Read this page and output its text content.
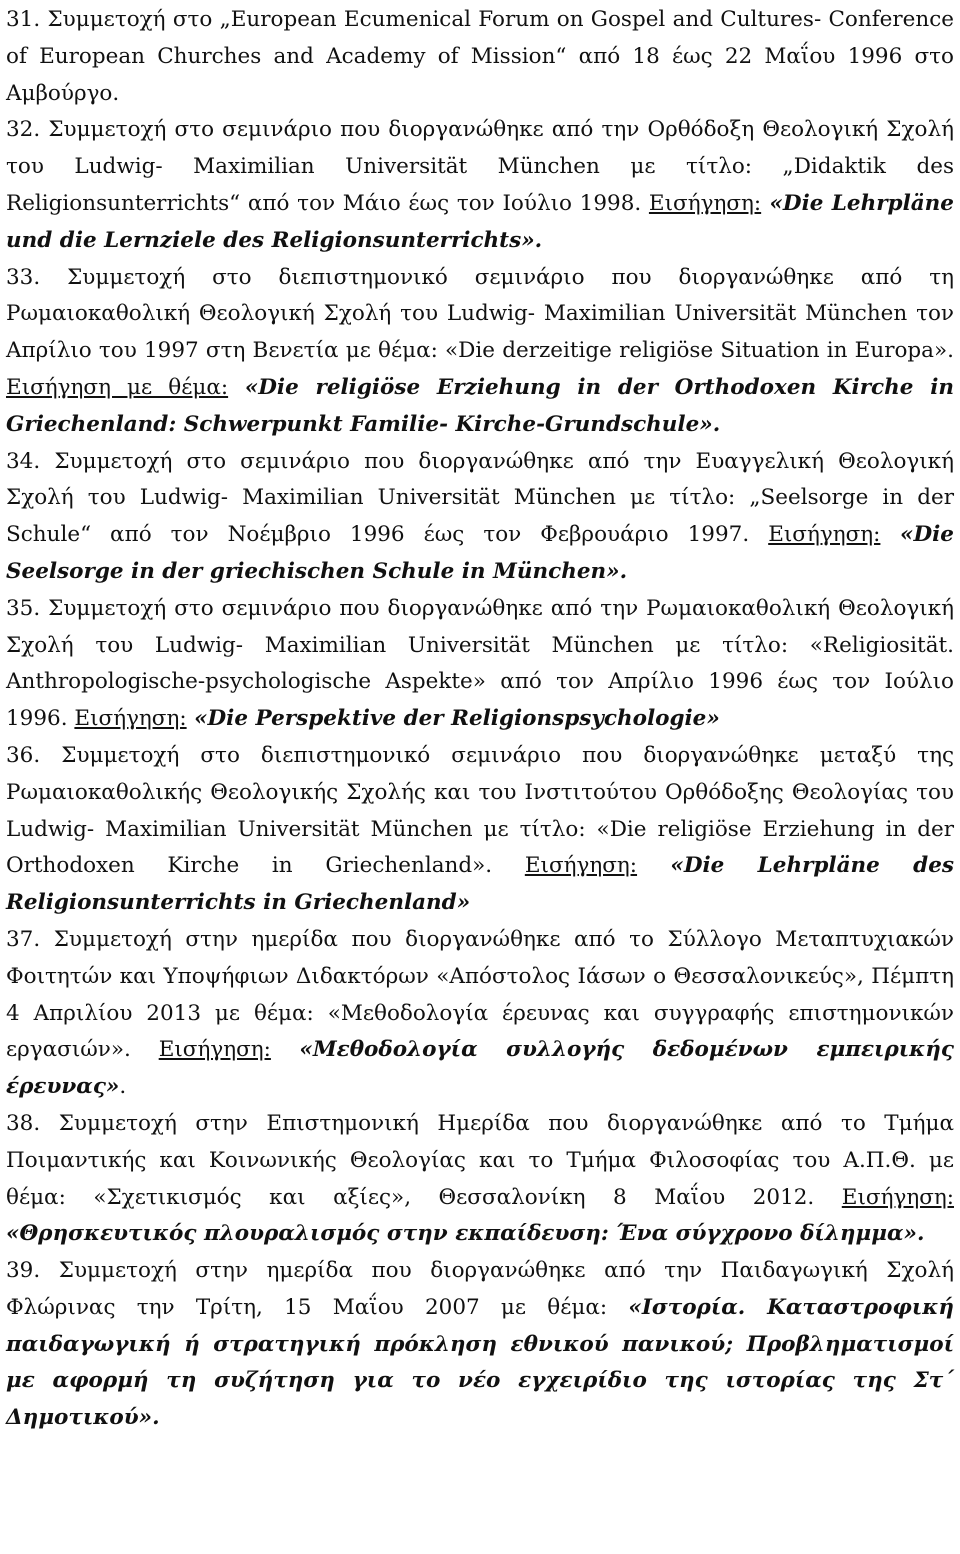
31. Συμμετοχή στο „European Ecumenical Forum on Gospel and Cultures- Conference of European Churches and Academy of Mission“ από 18 έως 22 Μαΐου 1996 στο Αμβούργο.

32. Συμμετοχή στο σεμινάριο που διοργανώθηκε από την Ορθόδοξη Θεολογική Σχολή του Ludwig- Maximilian Universität München με τίτλο: „Didaktik des Religionsunterrichts“ από τον Μάιο έως τον Ιούλιο 1998. Εισήγηση: «Die Lehrpläne und die Lernziele des Religionsunterrichts».

33. Συμμετοχή στο διεπιστημονικό σεμινάριο που διοργανώθηκε από τη Ρωμαιοκαθολική Θεολογική Σχολή του Ludwig- Maximilian Universität München τον Απρίλιο του 1997 στη Βενετία με θέμα: «Die derzeitige religiöse Situation in Europa». Εισήγηση με θέμα: «Die religiöse Erziehung in der Orthodoxen Kirche in Griechenland: Schwerpunkt Familie- Kirche-Grundschule».

34. Συμμετοχή στο σεμινάριο που διοργανώθηκε από την Ευαγγελική Θεολογική Σχολή του Ludwig- Maximilian Universität München με τίτλο: „Seelsorge in der Schule“ από τον Νοέμβριο 1996 έως τον Φεβρουάριο 1997. Εισήγηση: «Die Seelsorge in der griechischen Schule in München».

35. Συμμετοχή στο σεμινάριο που διοργανώθηκε από την Ρωμαιοκαθολική Θεολογική Σχολή του Ludwig- Maximilian Universität München με τίτλο: «Religiosität. Anthropologische-psychologische Aspekte» από τον Απρίλιο 1996 έως τον Ιούλιο 1996. Εισήγηση: «Die Perspektive der Religionspsychologie»

36. Συμμετοχή στο διεπιστημονικό σεμινάριο που διοργανώθηκε μεταξύ της Ρωμαιοκαθολικής Θεολογικής Σχολής και του Ινστιτούτου Ορθόδοξης Θεολογίας του Ludwig- Maximilian Universität München με τίτλο: «Die religiöse Erziehung in der Orthodoxen Kirche in Griechenland». Εισήγηση: «Die Lehrpläne des Religionsunterrichts in Griechenland»

37. Συμμετοχή στην ημερίδα που διοργανώθηκε από το Σύλλογο Μεταπτυχιακών Φοιτητών και Υποψήφιων Διδακτόρων «Απόστολος Ιάσων ο Θεσσαλονικεύς», Πέμπτη 4 Απριλίου 2013 με θέμα: «Μεθοδολογία έρευνας και συγγραφής επιστημονικών εργασιών». Εισήγηση: «Μεθοδολογία συλλογής δεδομένων εμπειρικής έρευνας».

38. Συμμετοχή στην Επιστημονική Ημερίδα που διοργανώθηκε από το Τμήμα Ποιμαντικής και Κοινωνικής Θεολογίας και το Τμήμα Φιλοσοφίας του Α.Π.Θ. με θέμα: «Σχετικισμός και αξίες», Θεσσαλονίκη 8 Μαΐου 2012. Εισήγηση: «Θρησκευτικός πλουραλισμός στην εκπαίδευση: Ένα σύγχρονο δίλημμα».

39. Συμμετοχή στην ημερίδα που διοργανώθηκε από την Παιδαγωγική Σχολή Φλώρινας την Τρίτη, 15 Μαΐου 2007 με θέμα: «Ιστορία. Καταστροφική παιδαγωγική ή στρατηγική πρόκληση εθνικού πανικού; Προβληματισμοί με αφορμή τη συζήτηση για το νέο εγχειρίδιο της ιστορίας της Στ΄ Δημοτικού».
